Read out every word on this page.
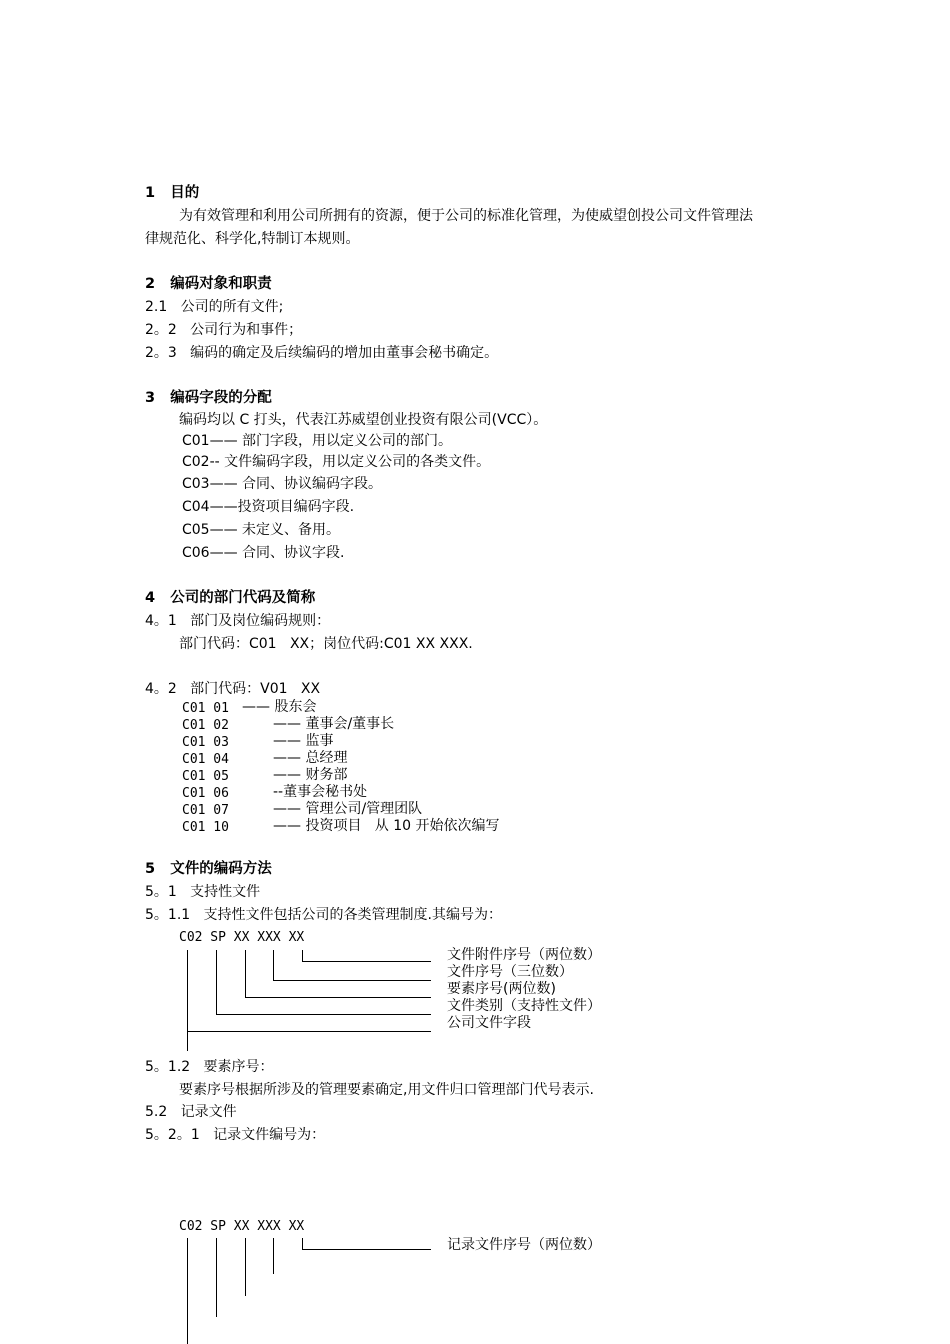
1   目的
为有效管理和利用公司所拥有的资源，便于公司的标准化管理，为使威望创投公司文件管理法
律规范化、科学化,特制订本规则。
2   编码对象和职责
2.1   公司的所有文件;
2。2   公司行为和事件；
2。3   编码的确定及后续编码的增加由董事会秘书确定。
3   编码字段的分配
编码均以 C 打头，代表江苏威望创业投资有限公司(VCC）。
C01—— 部门字段，用以定义公司的部门。
C02-- 文件编码字段，用以定义公司的各类文件。
C03—— 合同、协议编码字段。
C04——投资项目编码字段.
C05—— 未定义、备用。
C06—— 合同、协议字段.
4   公司的部门代码及简称
4。1   部门及岗位编码规则：
部门代码：C01   XX；岗位代码:C01 XX XXX.
4。2   部门代码：V01   XX
C01 01 —— 股东会
C01 02	—— 董事会/董事长
C01 03	—— 监事
C01 04	—— 总经理
C01 05	—— 财务部
C01 06	--董事会秘书处
C01 07	—— 管理公司/管理团队
C01 10	—— 投资项目   从 10 开始依次编写
5   文件的编码方法
5。1   支持性文件
5。1.1   支持性文件包括公司的各类管理制度.其编号为：
C02 SP XX XXX XX
文件附件序号（两位数）
文件序号（三位数）
要素序号(两位数)
文件类别（支持性文件）
公司文件字段
5。1.2   要素序号：
要素序号根据所涉及的管理要素确定,用文件归口管理部门代号表示.
5.2   记录文件
5。2。1   记录文件编号为：
C02 SP XX XXX XX
记录文件序号（两位数）
